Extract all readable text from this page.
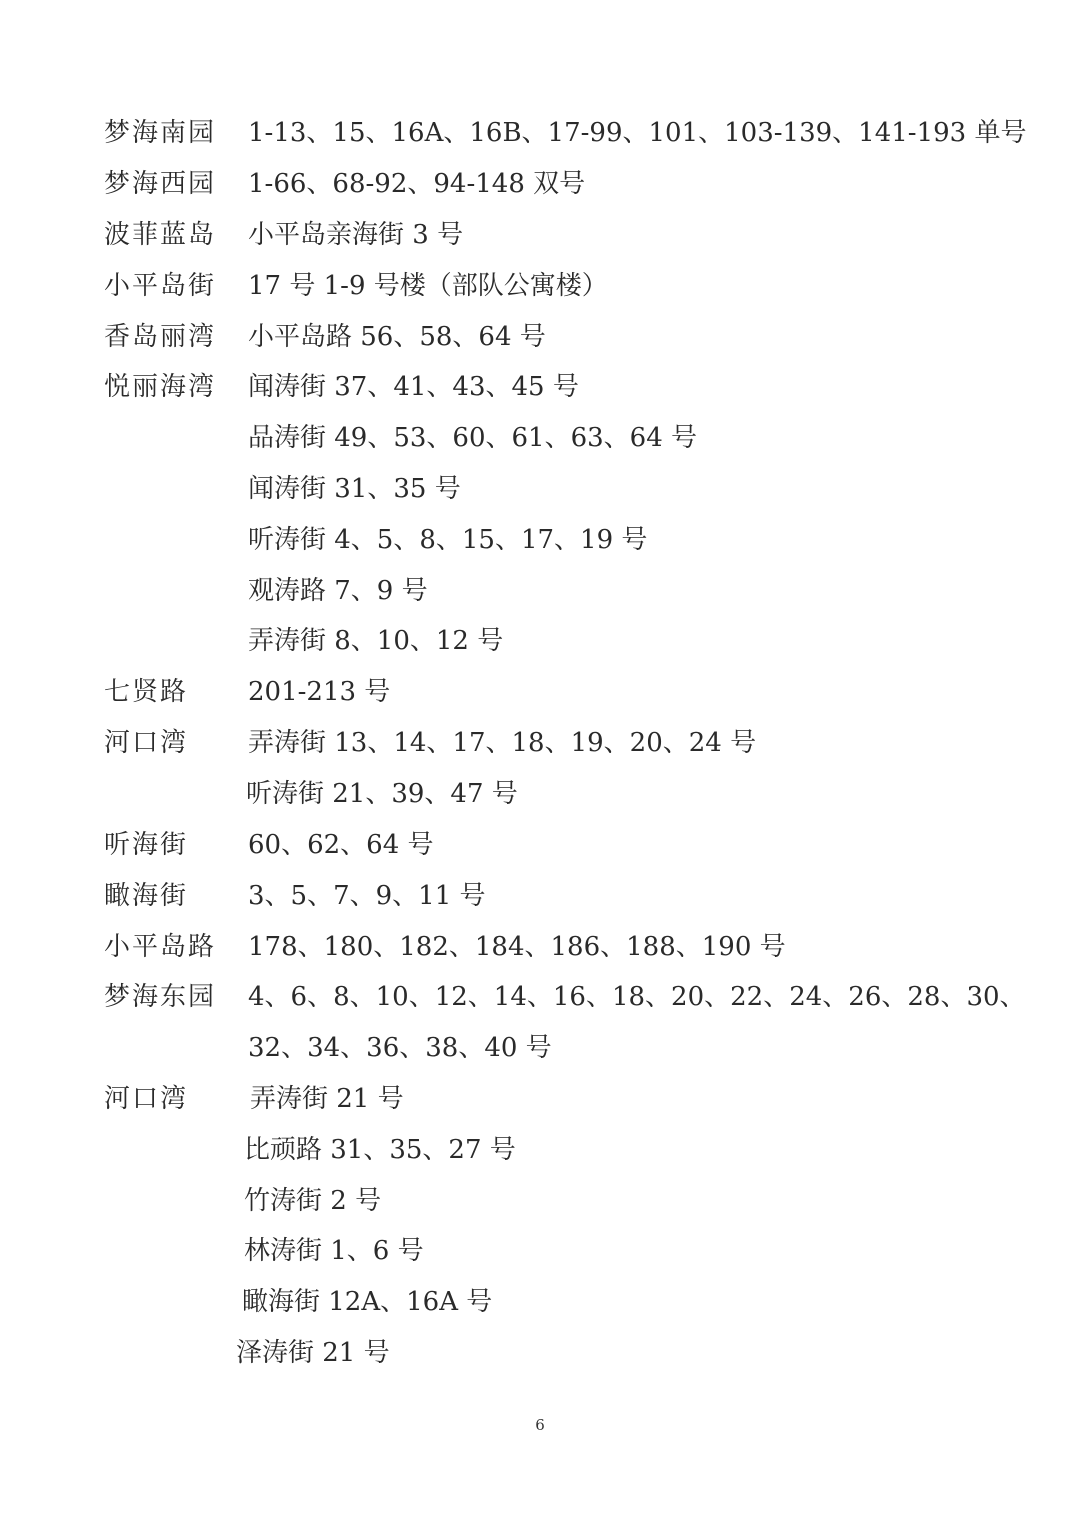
梦海南园 1-13、15、16A、16B、17-99、101、103-139、141-193 单号
梦海西园 1-66、68-92、94-148 双号
波菲蓝岛 小平岛亲海街 3 号
小平岛街 17 号 1-9 号楼（部队公寓楼）
香岛丽湾 小平岛路 56、58、64 号
悦丽海湾 闻涛街 37、41、43、45 号
品涛街 49、53、60、61、63、64 号
闻涛街 31、35 号
听涛街 4、5、8、15、17、19 号
观涛路 7、9 号
弄涛街 8、10、12 号
七贤路 201-213 号
河口湾 弄涛街 13、14、17、18、19、20、24 号
听涛街 21、39、47 号
听海街 60、62、64 号
瞰海街 3、5、7、9、11 号
小平岛路 178、180、182、184、186、188、190 号
梦海东园 4、6、8、10、12、14、16、18、20、22、24、26、28、30、
32、34、36、38、40 号
河口湾 弄涛街 21 号
比顽路 31、35、27 号
竹涛街 2 号
林涛街 1、6 号
瞰海街 12A、16A 号
泽涛街 21 号
6
